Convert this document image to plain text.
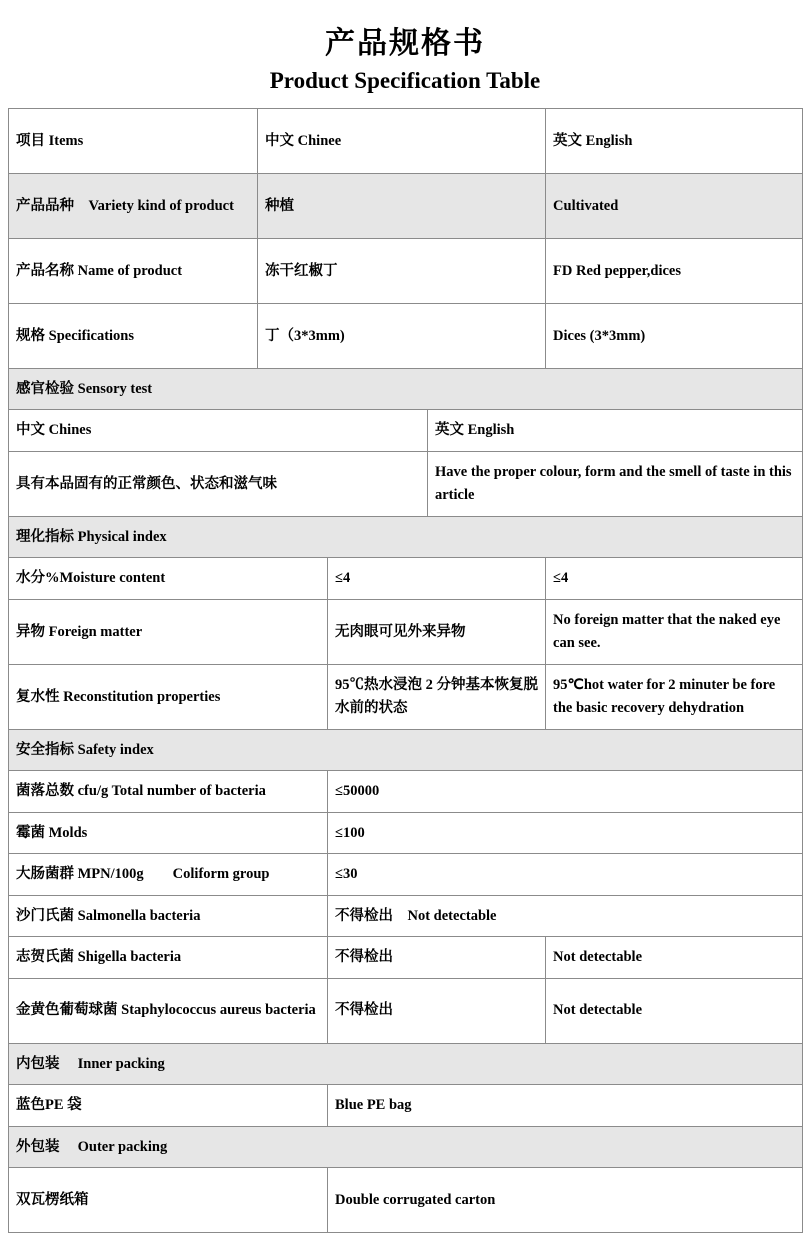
产品规格书
Product Specification Table
项目 Items	中文 Chinee			英文 English
产品品种　Variety kind of product	种植			Cultivated
产品名称 Name of product	冻干红椒丁			FD Red pepper,dices
规格 Specifications	丁（3*3mm)			Dices (3*3mm)
感官检验 Sensory test				
中文 Chines			英文 English	
具有本品固有的正常颜色、状态和滋气味			Have the proper colour, form and the smell of taste in this article	
理化指标 Physical index				
水分%Moisture content		≤4		≤4
异物 Foreign matter		无肉眼可见外来异物		No foreign matter that the naked eye can see.
复水性 Reconstitution properties		95℃热水浸泡 2 分钟基本恢复脱水前的状态		95℃hot water for 2 minuter be fore the basic recovery dehydration
安全指标 Safety index				
菌落总数 cfu/g Total number of bacteria		≤50000		
霉菌 Molds		≤100		
大肠菌群 MPN/100g　　Coliform group		≤30		
沙门氏菌 Salmonella bacteria		不得检出　Not detectable		
志贺氏菌 Shigella bacteria		不得检出		Not detectable
金黄色葡萄球菌 Staphylococcus aureus bacteria		不得检出		Not detectable
内包装　 Inner packing				
蓝色PE 袋		Blue PE bag		
外包装　 Outer packing				
双瓦楞纸箱		Double corrugated carton		
